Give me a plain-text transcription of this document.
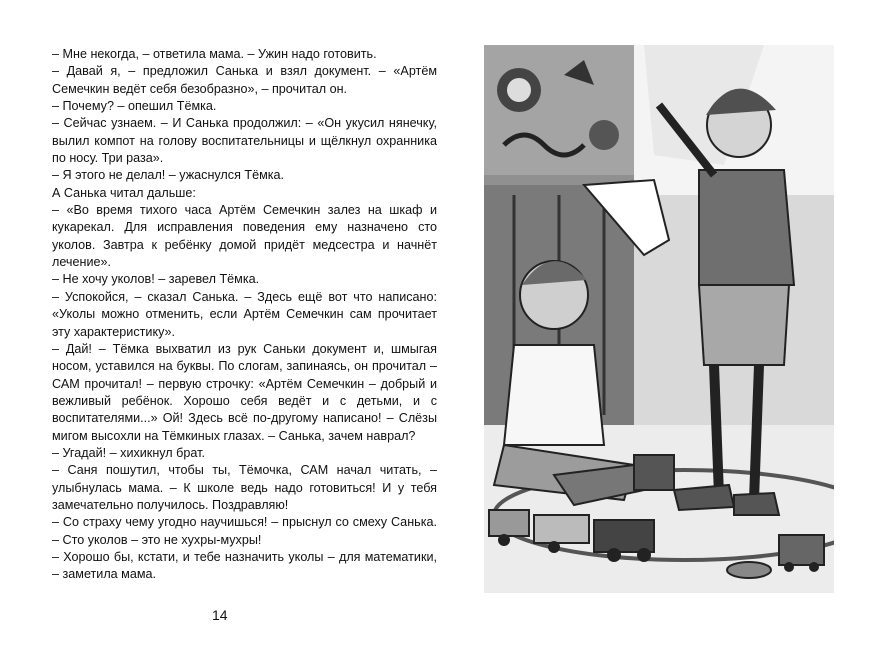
– Мне некогда, – ответила мама. – Ужин надо готовить.

– Давай я, – предложил Санька и взял документ. – «Артём Семечкин ведёт себя безобразно», – прочитал он.

– Почему? – опешил Тёмка.

– Сейчас узнаем. – И Санька продолжил: – «Он укусил нянечку, вылил компот на голову воспитательницы и щёлкнул охранника по носу. Три раза».

– Я этого не делал! – ужаснулся Тёмка.

А Санька читал дальше:

– «Во время тихого часа Артём Семечкин залез на шкаф и кукарекал. Для исправления поведения ему назначено сто уколов. Завтра к ребёнку домой придёт медсестра и начнёт лечение».

– Не хочу уколов! – заревел Тёмка.

– Успокойся, – сказал Санька. – Здесь ещё вот что написано: «Уколы можно отменить, если Артём Семечкин сам прочитает эту характеристику».

– Дай! – Тёмка выхватил из рук Саньки документ и, шмыгая носом, уставился на буквы. По слогам, запинаясь, он прочитал – САМ прочитал! – первую строчку: «Артём Семечкин – добрый и вежливый ребёнок. Хорошо себя ведёт и с детьми, и с воспитателями...» Ой! Здесь всё по-другому написано! – Слёзы мигом высохли на Тёмкиных глазах. – Санька, зачем наврал?

– Угадай! – хихикнул брат.

– Саня пошутил, чтобы ты, Тёмочка, САМ начал читать, – улыбнулась мама. – К школе ведь надо готовиться! И у тебя замечательно получилось. Поздравляю!

– Со страху чему угодно научишься! – прыснул со смеху Санька. – Сто уколов – это не хухры-мухры!

– Хорошо бы, кстати, и тебе назначить уколы – для математики, – заметила мама.

14
